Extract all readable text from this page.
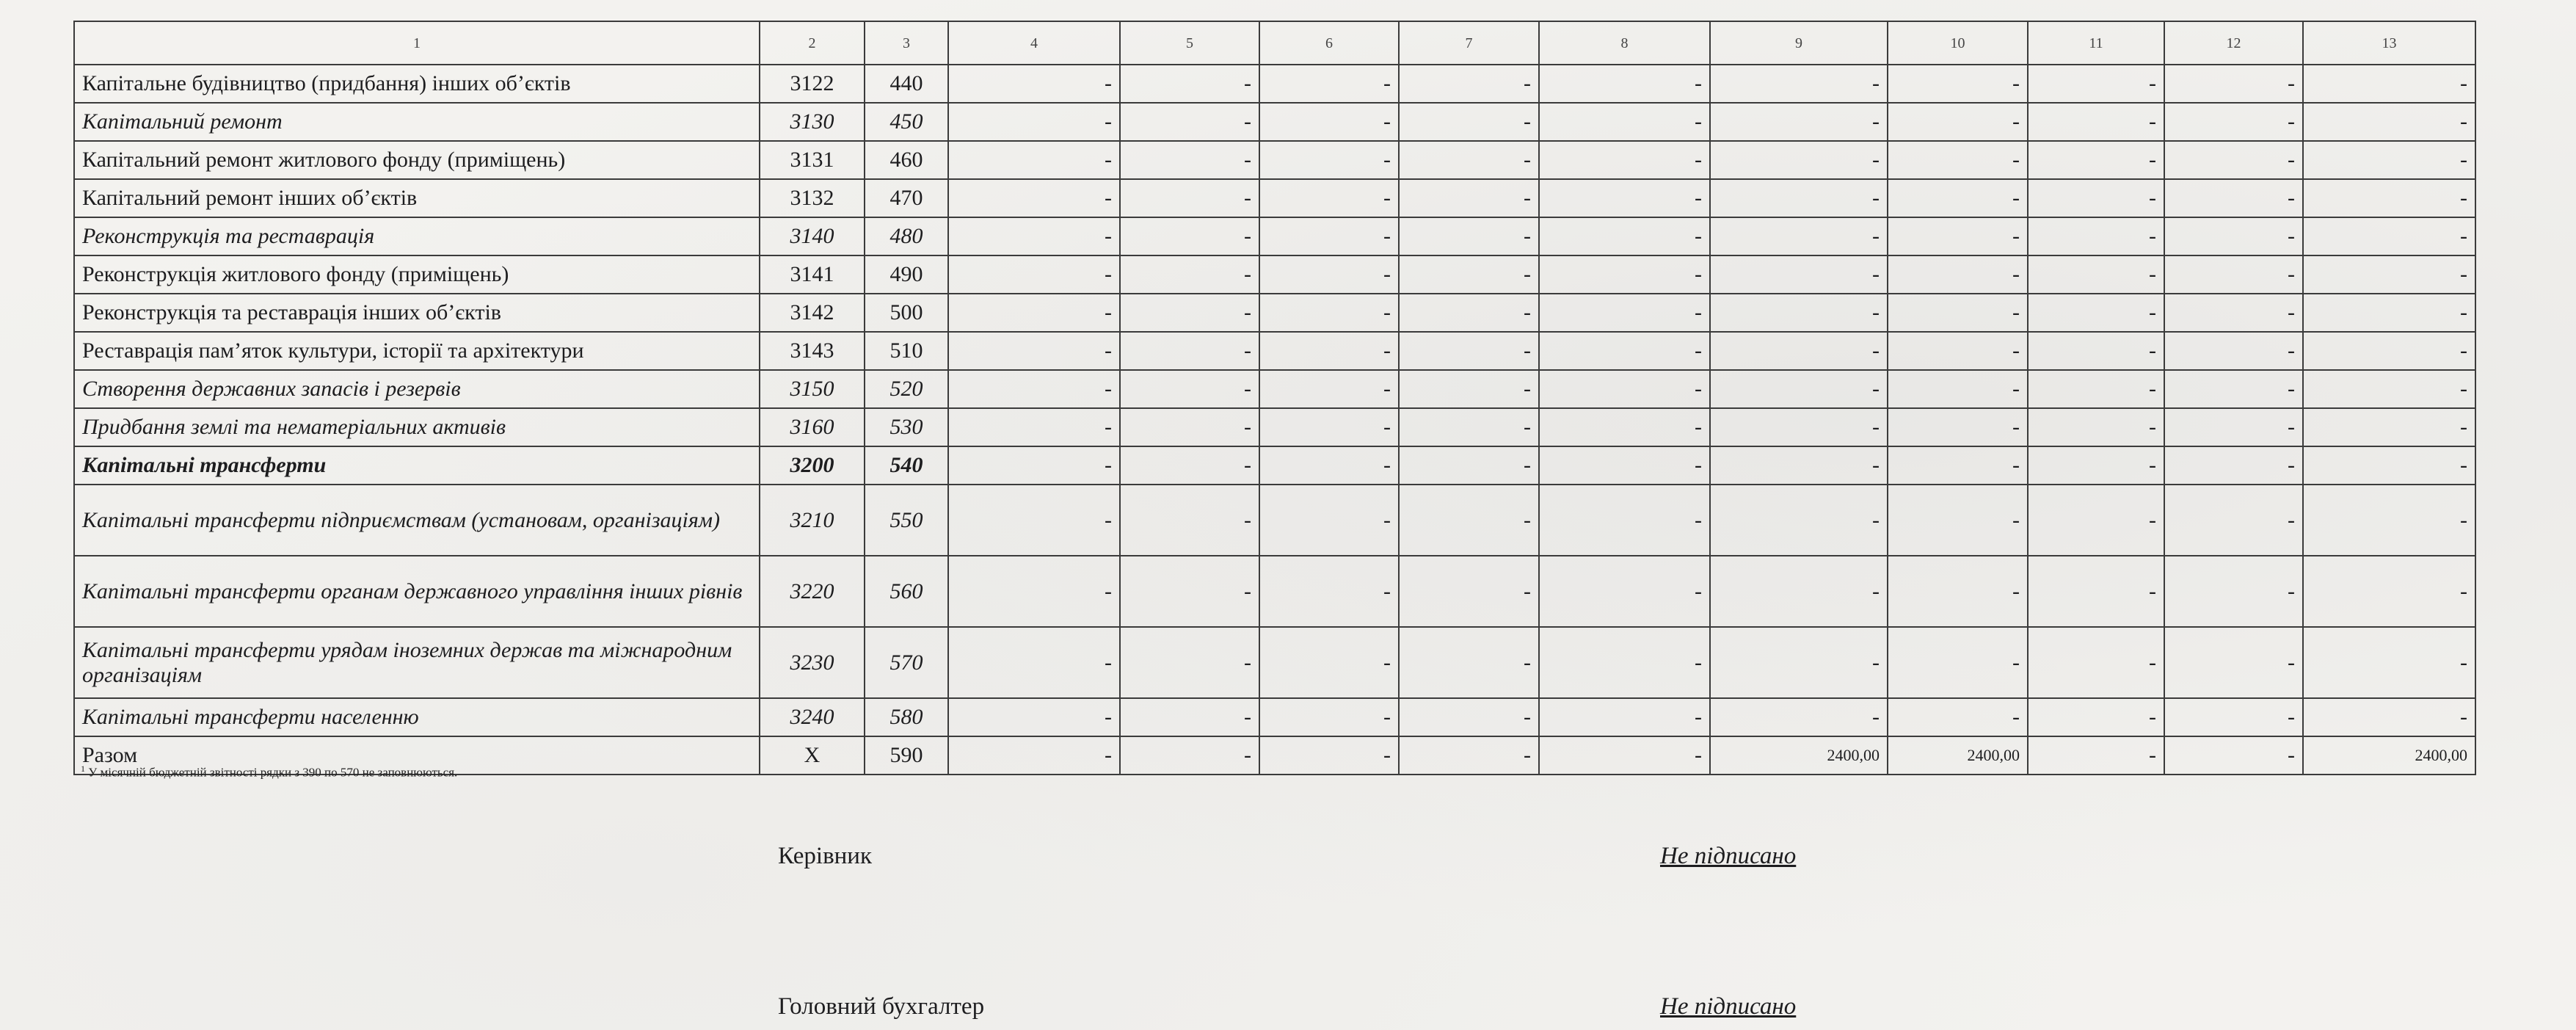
1	2	3	4	5	6	7	8	9	10	11	12	13
Капітальне будівництво (придбання) інших об’єктів	3122	440	-	-	-	-	-	-	-	-	-	-
Капітальний ремонт	3130	450	-	-	-	-	-	-	-	-	-	-
Капітальний ремонт житлового фонду (приміщень)	3131	460	-	-	-	-	-	-	-	-	-	-
Капітальний ремонт інших об’єктів	3132	470	-	-	-	-	-	-	-	-	-	-
Реконструкція та реставрація	3140	480	-	-	-	-	-	-	-	-	-	-
Реконструкція житлового фонду (приміщень)	3141	490	-	-	-	-	-	-	-	-	-	-
Реконструкція та реставрація інших об’єктів	3142	500	-	-	-	-	-	-	-	-	-	-
Реставрація пам’яток культури, історії та архітектури	3143	510	-	-	-	-	-	-	-	-	-	-
Створення державних запасів і резервів	3150	520	-	-	-	-	-	-	-	-	-	-
Придбання землі та нематеріальних активів	3160	530	-	-	-	-	-	-	-	-	-	-
Капітальні трансферти	3200	540	-	-	-	-	-	-	-	-	-	-
Капітальні трансферти підприємствам (установам, організаціям)	3210	550	-	-	-	-	-	-	-	-	-	-
Капітальні трансферти органам державного управління інших рівнів	3220	560	-	-	-	-	-	-	-	-	-	-
Капітальні трансферти урядам іноземних держав та міжнародним організаціям	3230	570	-	-	-	-	-	-	-	-	-	-
Капітальні трансферти населенню	3240	580	-	-	-	-	-	-	-	-	-	-
Разом	Х	590	-	-	-	-	-	2400,00	2400,00	-	-	2400,00
$^1$ У місячній бюджетній звітності рядки з 390 по 570 не заповнюються.
Керівник	Не підписано
Головний бухгалтер	Не підписано
